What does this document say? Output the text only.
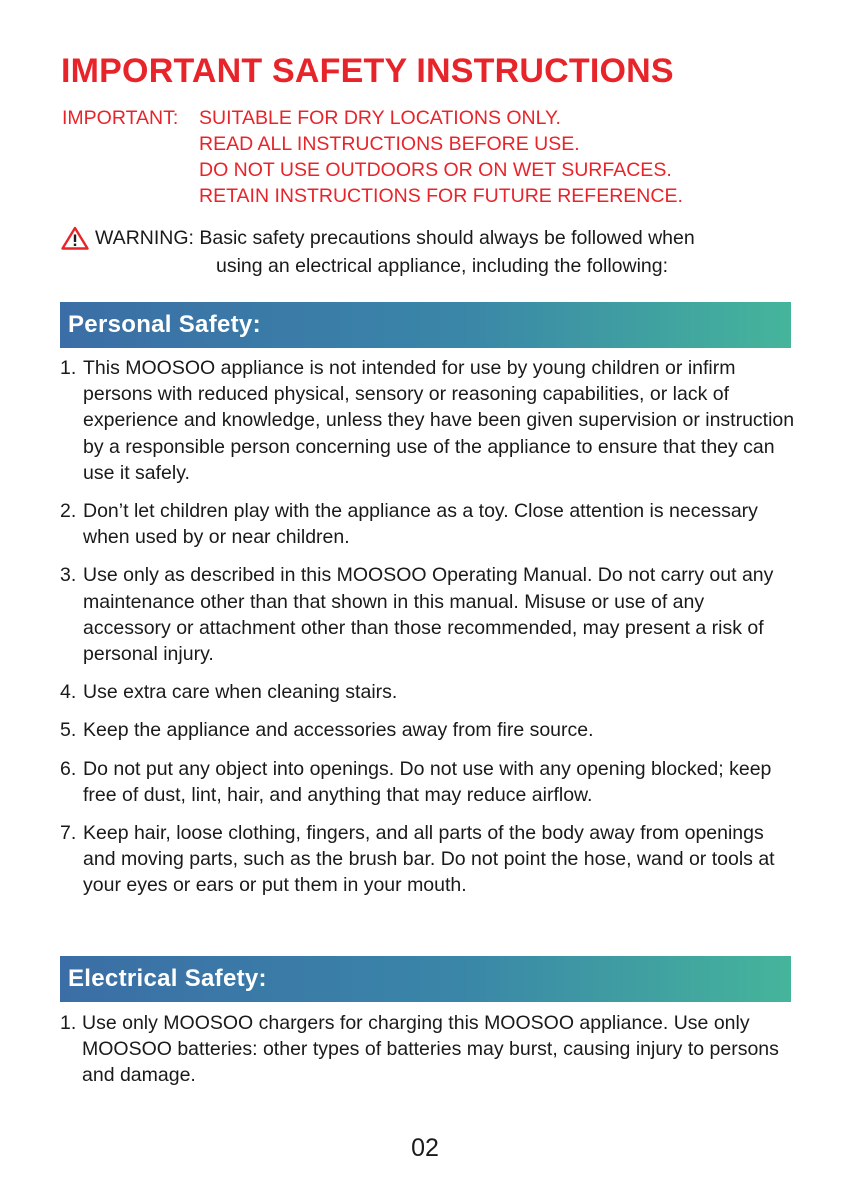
IMPORTANT SAFETY INSTRUCTIONS
IMPORTANT:	SUITABLE FOR DRY LOCATIONS ONLY.
READ ALL INSTRUCTIONS BEFORE USE.
DO NOT USE OUTDOORS OR ON WET SURFACES.
RETAIN INSTRUCTIONS FOR FUTURE REFERENCE.
WARNING: Basic safety precautions should always be followed when
using an electrical appliance, including the following:
Personal Safety:
1. This MOOSOO appliance is not intended for use by young children or infirm persons with reduced physical, sensory or reasoning capabilities, or lack of experience and knowledge, unless they have been given supervision or instruction by a responsible person concerning use of the appliance to ensure that they can use it safely.
2. Don’t let children play with the appliance as a toy. Close attention is necessary when used by or near children.
3. Use only as described in this MOOSOO Operating Manual. Do not carry out any maintenance other than that shown in this manual. Misuse or use of any accessory or attachment other than those recommended, may present a risk of personal injury.
4. Use extra care when cleaning stairs.
5. Keep the appliance and accessories away from fire source.
6. Do not put any object into openings. Do not use with any opening blocked; keep free of dust, lint, hair, and anything that may reduce airflow.
7. Keep hair, loose clothing, fingers, and all parts of the body away from openings and moving parts, such as the brush bar. Do not point the hose, wand or tools at your eyes or ears or put them in your mouth.
Electrical Safety:
1. Use only MOOSOO chargers for charging this MOOSOO appliance. Use only MOOSOO batteries: other types of batteries may burst, causing injury to persons and damage.
02
